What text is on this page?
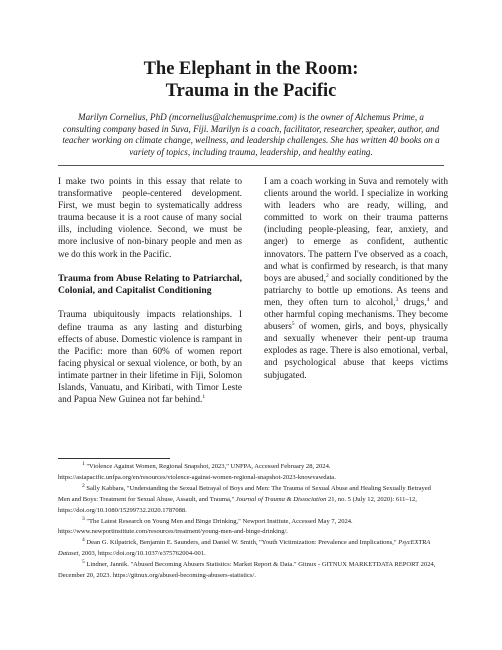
The Elephant in the Room:
Trauma in the Pacific
Marilyn Cornelius, PhD (mcornelius@alchemusprime.com) is the owner of Alchemus Prime, a consulting company based in Suva, Fiji. Marilyn is a coach, facilitator, researcher, speaker, author, and teacher working on climate change, wellness, and leadership challenges. She has written 40 books on a variety of topics, including trauma, leadership, and healthy eating.

I make two points in this essay that relate to transformative people-centered development. First, we must begin to systematically address trauma because it is a root cause of many social ills, including violence. Second, we must be more inclusive of non-binary people and men as we do this work in the Pacific.

Trauma from Abuse Relating to Patriarchal, Colonial, and Capitalist Conditioning

Trauma ubiquitously impacts relationships. I define trauma as any lasting and disturbing effects of abuse. Domestic violence is rampant in the Pacific: more than 60% of women report facing physical or sexual violence, or both, by an intimate partner in their lifetime in Fiji, Solomon Islands, Vanuatu, and Kiribati, with Timor Leste and Papua New Guinea not far behind.$^1$

I am a coach working in Suva and remotely with clients around the world. I specialize in working with leaders who are ready, willing, and committed to work on their trauma patterns (including people-pleasing, fear, anxiety, and anger) to emerge as confident, authentic innovators. The pattern I've observed as a coach, and what is confirmed by research, is that many boys are abused,$^2$ and socially conditioned by the patriarchy to bottle up emotions. As teens and men, they often turn to alcohol,$^3$ drugs,$^4$ and other harmful coping mechanisms. They become abusers$^5$ of women, girls, and boys, physically and sexually whenever their pent-up trauma explodes as rage. There is also emotional, verbal, and psychological abuse that keeps victims subjugated.

$^1$ "Violence Against Women, Regional Snapshot, 2023," UNFPA, Accessed February 28, 2024. https://asiapacific.unfpa.org/en/resources/violence-against-women-regional-snapshot-2023-knowvawdata.

$^2$ Sally Kabbara, "Understanding the Sexual Betrayal of Boys and Men: The Trauma of Sexual Abuse and Healing Sexually Betrayed Men and Boys: Treatment for Sexual Abuse, Assault, and Trauma," Journal of Trauma & Dissociation 21, no. 5 (July 12, 2020): 611–12, https://doi.org/10.1080/15299732.2020.1787088.

$^3$ "The Latest Research on Young Men and Binge Drinking," Newport Institute, Accessed May 7, 2024. https://www.newportinstitute.com/resources/treatment/young-men-and-binge-drinking/.

$^4$ Dean G. Kilpatrick, Benjamin E. Saunders, and Daniel W. Smith, "Youth Victimization: Prevalence and Implications," PsycEXTRA Dataset, 2003, https://doi.org/10.1037/e375762004-001.

$^5$ Lindner, Jannik. "Abused Becoming Abusers Statistics: Market Report & Data." Gitnux - GITNUX MARKETDATA REPORT 2024, December 20, 2023. https://gitnux.org/abused-becoming-abusers-statistics/.
